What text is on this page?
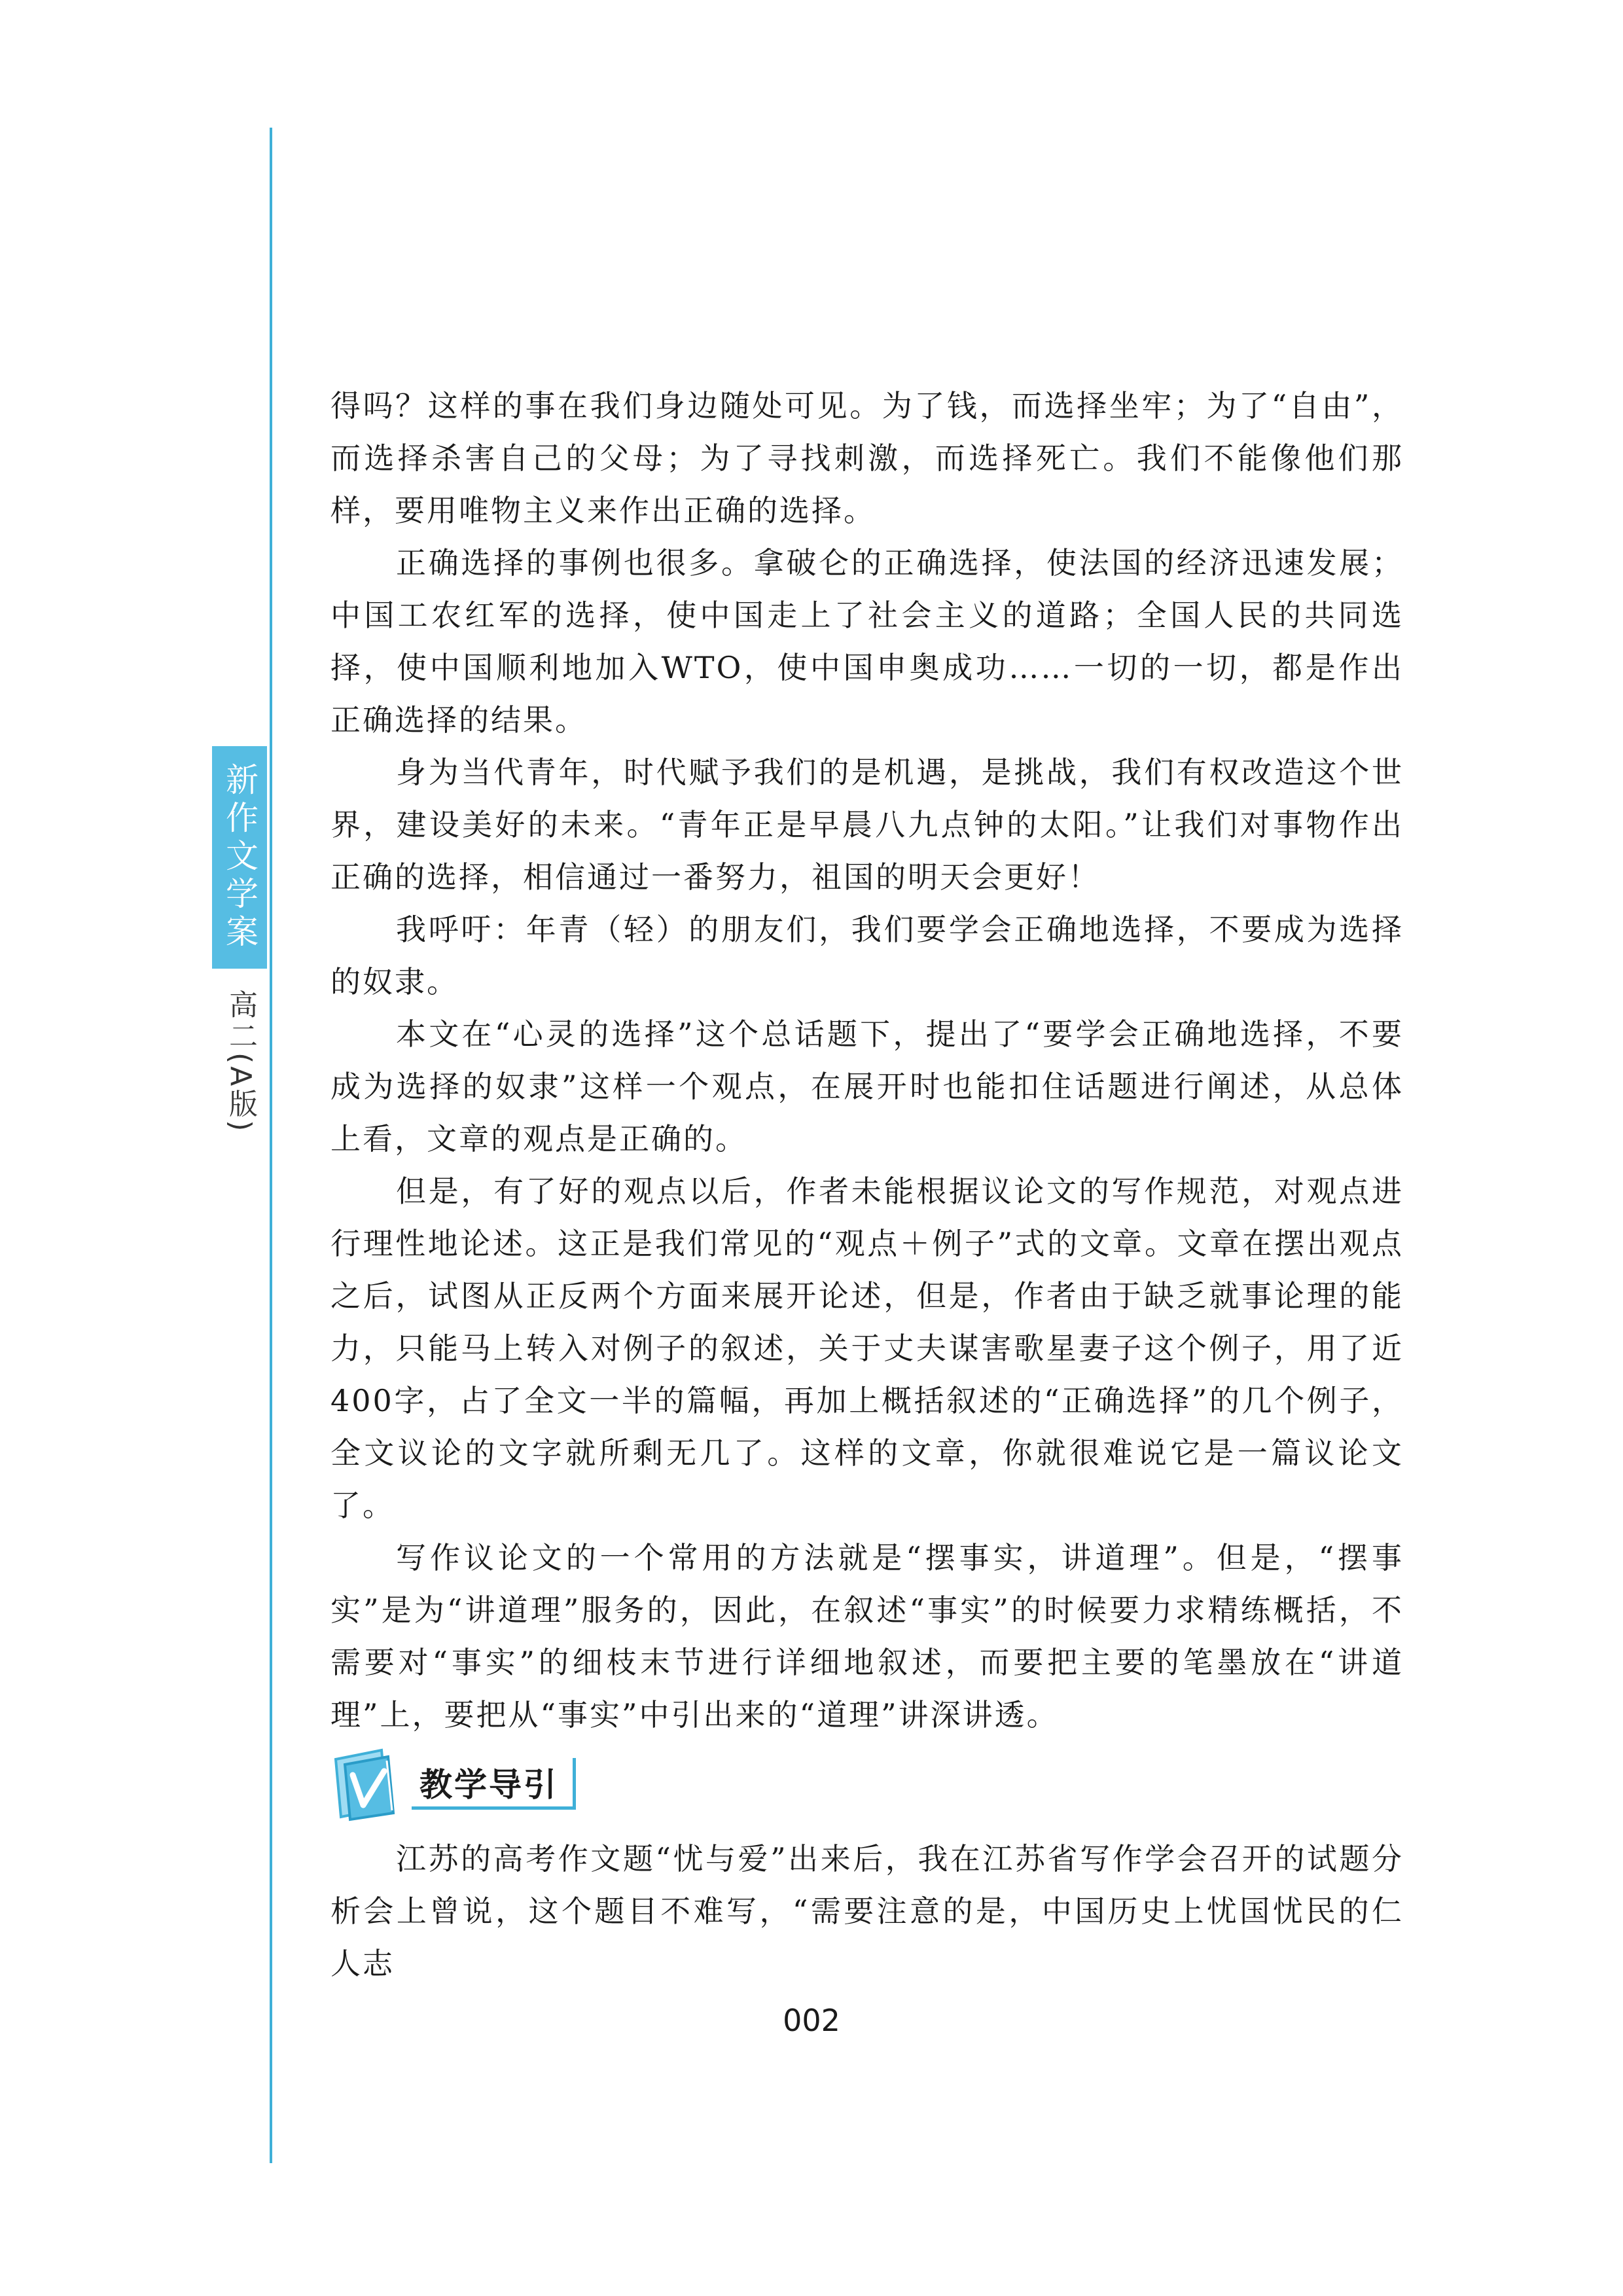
新作文学案
高二(A版)

得吗？这样的事在我们身边随处可见。为了钱，而选择坐牢；为了“自由”，而选择杀害自己的父母；为了寻找刺激，而选择死亡。我们不能像他们那样，要用唯物主义来作出正确的选择。

正确选择的事例也很多。拿破仑的正确选择，使法国的经济迅速发展；中国工农红军的选择，使中国走上了社会主义的道路；全国人民的共同选择，使中国顺利地加入WTO，使中国申奥成功……一切的一切，都是作出正确选择的结果。

身为当代青年，时代赋予我们的是机遇，是挑战，我们有权改造这个世界，建设美好的未来。“青年正是早晨八九点钟的太阳。”让我们对事物作出正确的选择，相信通过一番努力，祖国的明天会更好！

我呼吁：年青（轻）的朋友们，我们要学会正确地选择，不要成为选择的奴隶。

本文在“心灵的选择”这个总话题下，提出了“要学会正确地选择，不要成为选择的奴隶”这样一个观点，在展开时也能扣住话题进行阐述，从总体上看，文章的观点是正确的。

但是，有了好的观点以后，作者未能根据议论文的写作规范，对观点进行理性地论述。这正是我们常见的“观点＋例子”式的文章。文章在摆出观点之后，试图从正反两个方面来展开论述，但是，作者由于缺乏就事论理的能力，只能马上转入对例子的叙述，关于丈夫谋害歌星妻子这个例子，用了近400字，占了全文一半的篇幅，再加上概括叙述的“正确选择”的几个例子，全文议论的文字就所剩无几了。这样的文章，你就很难说它是一篇议论文了。

写作议论文的一个常用的方法就是“摆事实，讲道理”。但是，“摆事实”是为“讲道理”服务的，因此，在叙述“事实”的时候要力求精练概括，不需要对“事实”的细枝末节进行详细地叙述，而要把主要的笔墨放在“讲道理”上，要把从“事实”中引出来的“道理”讲深讲透。

教学导引

江苏的高考作文题“忧与爱”出来后，我在江苏省写作学会召开的试题分析会上曾说，这个题目不难写，“需要注意的是，中国历史上忧国忧民的仁人志

002
